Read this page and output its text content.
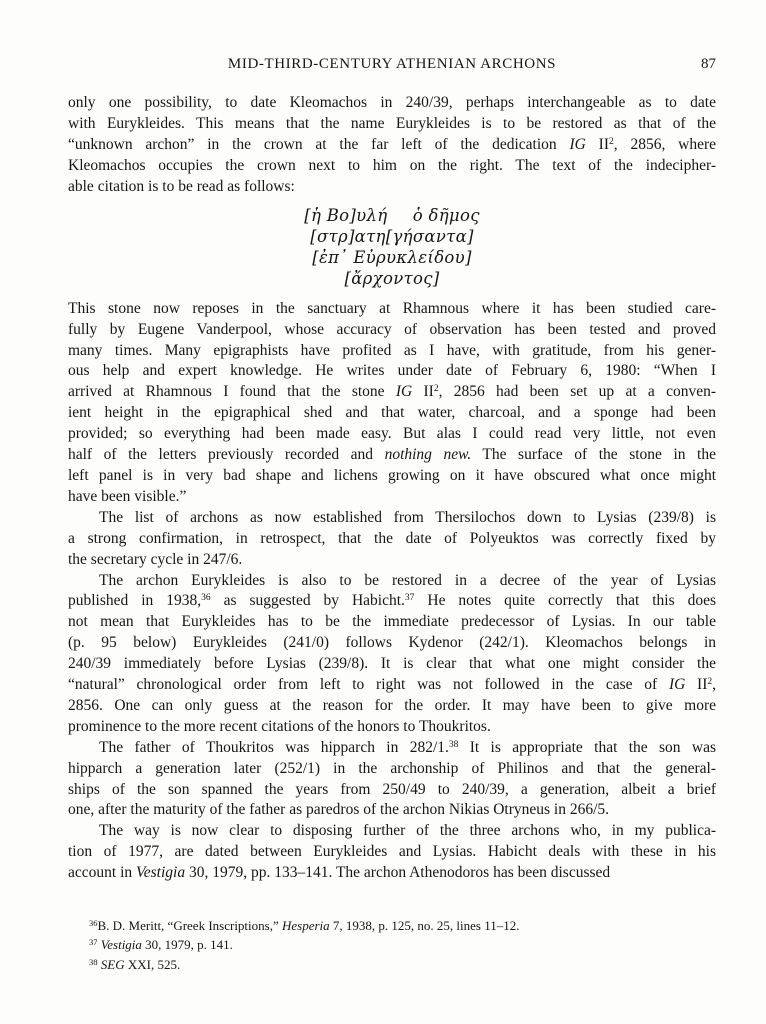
MID-THIRD-CENTURY ATHENIAN ARCHONS	87
only one possibility, to date Kleomachos in 240/39, perhaps interchangeable as to date
with Eurykleides. This means that the name Eurykleides is to be restored as that of the
“unknown archon” in the crown at the far left of the dedication IG $II^2$, 2856, where
Kleomachos occupies the crown next to him on the right. The text of the indecipher-
able citation is to be read as follows:
[ἡ Βο]υλή  ὁ δῆμος
[στρ]ατη[γήσαντα]
[ἐπ᾽ Εὐρυκλείδου]
[ἄρχοντος]
This stone now reposes in the sanctuary at Rhamnous where it has been studied care-
fully by Eugene Vanderpool, whose accuracy of observation has been tested and proved
many times. Many epigraphists have profited as I have, with gratitude, from his gener-
ous help and expert knowledge. He writes under date of February 6, 1980: “When I
arrived at Rhamnous I found that the stone IG $II^2$, 2856 had been set up at a conven-
ient height in the epigraphical shed and that water, charcoal, and a sponge had been
provided; so everything had been made easy. But alas I could read very little, not even
half of the letters previously recorded and nothing new. The surface of the stone in the
left panel is in very bad shape and lichens growing on it have obscured what once might
have been visible.”
The list of archons as now established from Thersilochos down to Lysias (239/8) is
a strong confirmation, in retrospect, that the date of Polyeuktos was correctly fixed by
the secretary cycle in 247/6.
The archon Eurykleides is also to be restored in a decree of the year of Lysias
published in 1938,36 as suggested by Habicht.$^{37}$ He notes quite correctly that this does
not mean that Eurykleides has to be the immediate predecessor of Lysias. In our table
(p. 95 below) Eurykleides (241/0) follows Kydenor (242/1). Kleomachos belongs in
240/39 immediately before Lysias (239/8). It is clear that what one might consider the
“natural” chronological order from left to right was not followed in the case of IG $II^2$,
2856. One can only guess at the reason for the order. It may have been to give more
prominence to the more recent citations of the honors to Thoukritos.
The father of Thoukritos was hipparch in 282/1.38 It is appropriate that the son was
hipparch a generation later (252/1) in the archonship of Philinos and that the general-
ships of the son spanned the years from 250/49 to 240/39, a generation, albeit a brief
one, after the maturity of the father as paredros of the archon Nikias Otryneus in 266/5.
The way is now clear to disposing further of the three archons who, in my publica-
tion of 1977, are dated between Eurykleides and Lysias. Habicht deals with these in his
account in Vestigia 30, 1979, pp. 133–141. The archon Athenodoros has been discussed
$^{36}$B. D. Meritt, “Greek Inscriptions,” Hesperia 7, 1938, p. 125, no. 25, lines 11–12.
$^{37}$ Vestigia 30, 1979, p. 141.
$^{38}$ SEG XXI, 525.
